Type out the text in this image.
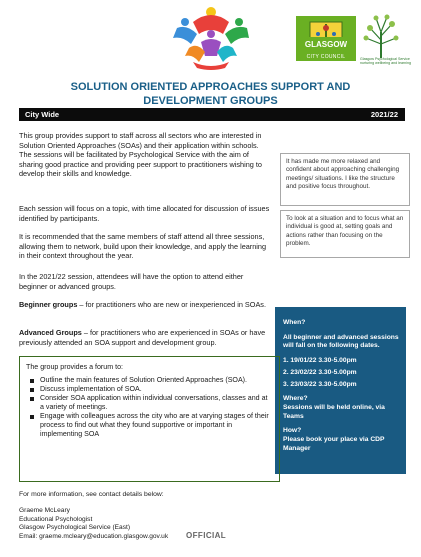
CITY COUNCIL
GLASGOW
Glasgow Psychological Service
nurturing wellbeing and learning
SOLUTION ORIENTED APPROACHES SUPPORT AND DEVELOPMENT GROUPS
City Wide	2021/22
This group provides support to staff across all sectors who are interested in Solution Oriented Approaches (SOAs) and their application within schools. The sessions will be facilitated by Psychological Service with the aim of sharing good practice and providing peer support to practitioners wishing to develop their skills and knowledge.
Each session will focus on a topic, with time allocated for discussion of issues identified by participants.
It is recommended that the same members of staff attend all three sessions, allowing them to network, build upon their knowledge, and apply the learning in their context throughout the year.
In the 2021/22 session, attendees will have the option to attend either beginner or advanced groups.
Beginner groups – for practitioners who are new or inexperienced in SOAs.
Advanced Groups – for practitioners who are experienced in SOAs or have previously attended an SOA support and development group.
It has made me more relaxed and confident about approaching challenging meetings/ situations. I like the structure and positive focus throughout.
To look at a situation and to focus what an individual is good at, setting goals and actions rather than focusing on the problem.

When?

All beginner and advanced sessions will fall on the following dates.

1. 19/01/22 3.30-5.00pm
2. 23/02/22 3.30-5.00pm
3. 23/03/22 3.30-5.00pm

Where?

Sessions will be held online, via Teams

How?

Please book your place via CDP Manager

The group provides a forum to:

Outline the main features of Solution Oriented Approaches (SOA).
Discuss implementation of SOA.
Consider SOA application within individual conversations, classes and at a variety of meetings.
Engage with colleagues across the city who are at varying stages of their process to find out what they found supportive or important in implementing SOA
For more information, see contact details below:
Graeme McLeary
Educational Psychologist
Glasgow Psychological Service (East)
Email: graeme.mcleary@education.glasgow.gov.uk OFFICIAL
